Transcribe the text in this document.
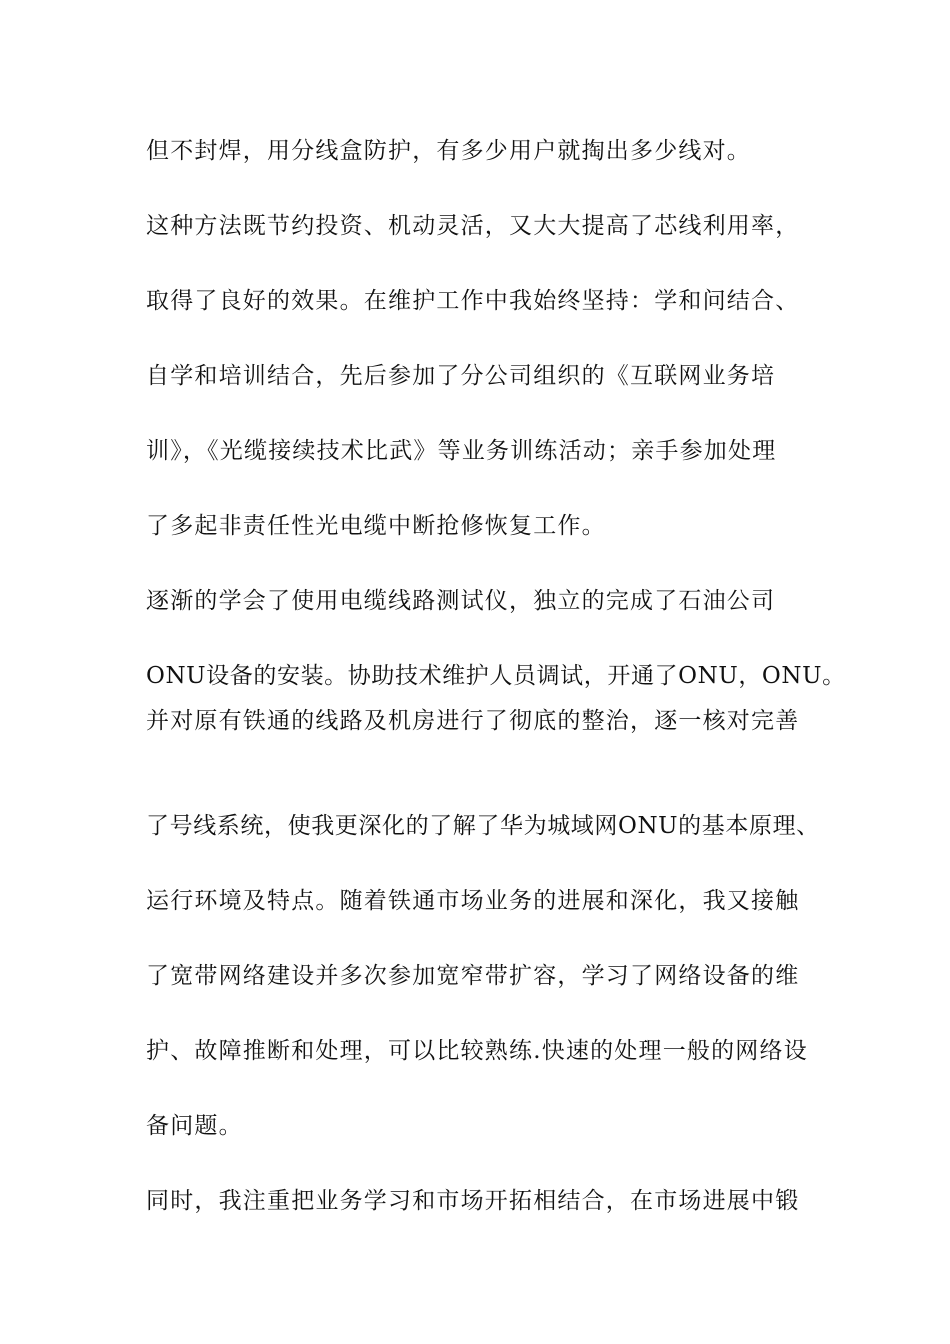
但不封焊，用分线盒防护，有多少用户就掏出多少线对。
这种方法既节约投资、机动灵活，又大大提高了芯线利用率，
取得了良好的效果。在维护工作中我始终坚持：学和问结合、
自学和培训结合，先后参加了分公司组织的《互联网业务培
训》，《光缆接续技术比武》等业务训练活动；亲手参加处理
了多起非责任性光电缆中断抢修恢复工作。
逐渐的学会了使用电缆线路测试仪，独立的完成了石油公司
ONU设备的安装。协助技术维护人员调试，开通了ONU，ONU。
并对原有铁通的线路及机房进行了彻底的整治，逐一核对完善
了号线系统，使我更深化的了解了华为城域网ONU的基本原理、
运行环境及特点。随着铁通市场业务的进展和深化，我又接触
了宽带网络建设并多次参加宽窄带扩容，学习了网络设备的维
护、故障推断和处理，可以比较熟练.快速的处理一般的网络设
备问题。
同时，我注重把业务学习和市场开拓相结合，在市场进展中锻
